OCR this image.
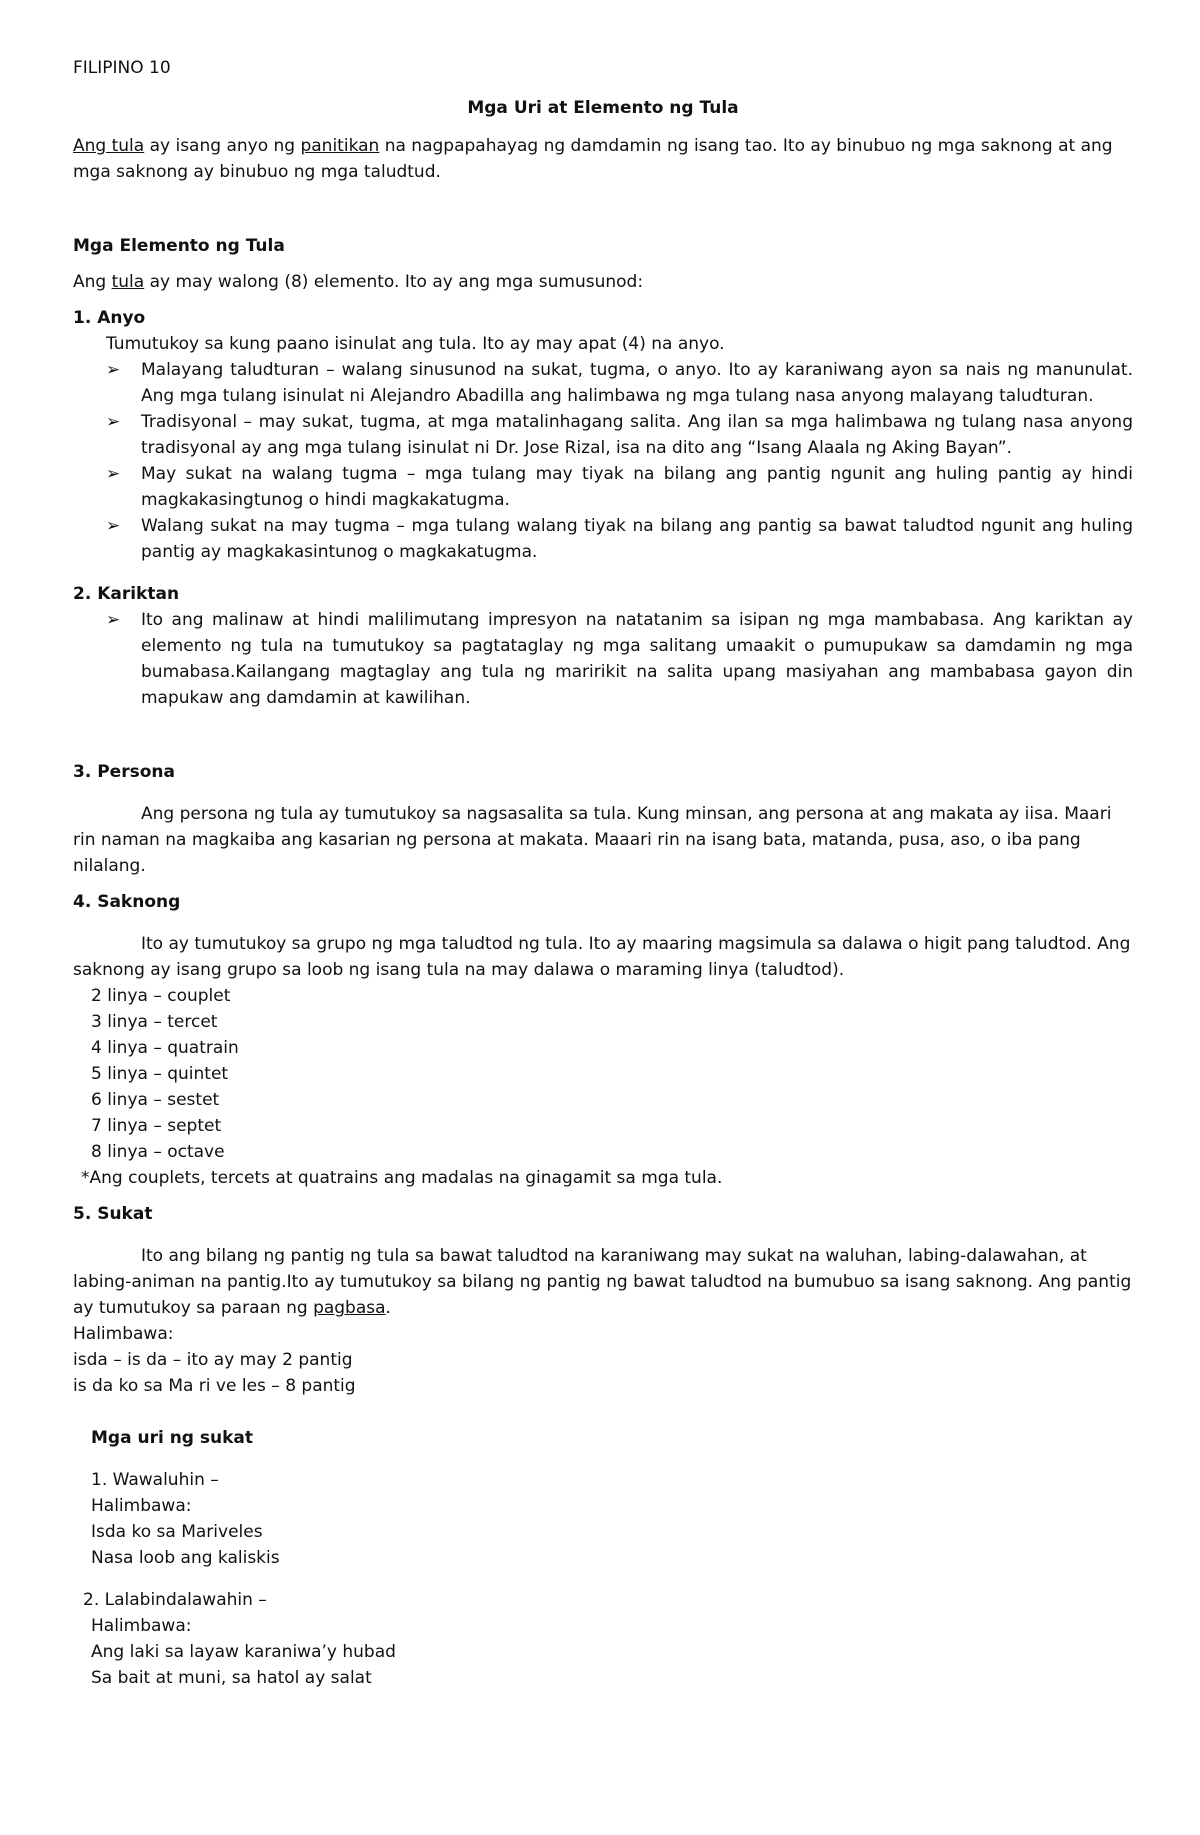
FILIPINO 10
Mga Uri at Elemento ng Tula

Ang tula ay isang anyo ng panitikan na nagpapahayag ng damdamin ng isang tao. Ito ay binubuo ng mga saknong at ang mga saknong ay binubuo ng mga taludtud.

Mga Elemento ng Tula

Ang tula ay may walong (8) elemento. Ito ay ang mga sumusunod:

1. Anyo

Tumutukoy sa kung paano isinulat ang tula. Ito ay may apat (4) na anyo.

➢ Malayang taludturan – walang sinusunod na sukat, tugma, o anyo. Ito ay karaniwang ayon sa nais ng manunulat. Ang mga tulang isinulat ni Alejandro Abadilla ang halimbawa ng mga tulang nasa anyong malayang taludturan.
➢ Tradisyonal – may sukat, tugma, at mga matalinhagang salita. Ang ilan sa mga halimbawa ng tulang nasa anyong tradisyonal ay ang mga tulang isinulat ni Dr. Jose Rizal, isa na dito ang “Isang Alaala ng Aking Bayan”.
➢ May sukat na walang tugma – mga tulang may tiyak na bilang ang pantig ngunit ang huling pantig ay hindi magkakasingtunog o hindi magkakatugma.
➢ Walang sukat na may tugma – mga tulang walang tiyak na bilang ang pantig sa bawat taludtod ngunit ang huling pantig ay magkakasintunog o magkakatugma.

2. Kariktan

➢ Ito ang malinaw at hindi malilimutang impresyon na natatanim sa isipan ng mga mambabasa. Ang kariktan ay elemento ng tula na tumutukoy sa pagtataglay ng mga salitang umaakit o pumupukaw sa damdamin ng mga bumabasa.Kailangang magtaglay ang tula ng maririkit na salita upang masiyahan ang mambabasa gayon din mapukaw ang damdamin at kawilihan.

3. Persona

Ang persona ng tula ay tumutukoy sa nagsasalita sa tula. Kung minsan, ang persona at ang makata ay iisa. Maari rin naman na magkaiba ang kasarian ng persona at makata. Maaari rin na isang bata, matanda, pusa, aso, o iba pang nilalang.

4. Saknong

Ito ay tumutukoy sa grupo ng mga taludtod ng tula. Ito ay maaring magsimula sa dalawa o higit pang taludtod. Ang saknong ay isang grupo sa loob ng isang tula na may dalawa o maraming linya (taludtod).

2 linya – couplet
3 linya – tercet
4 linya – quatrain
5 linya – quintet
6 linya – sestet
7 linya – septet
8 linya – octave

*Ang couplets, tercets at quatrains ang madalas na ginagamit sa mga tula.

5. Sukat

Ito ang bilang ng pantig ng tula sa bawat taludtod na karaniwang may sukat na waluhan, labing-dalawahan, at labing-animan na pantig.Ito ay tumutukoy sa bilang ng pantig ng bawat taludtod na bumubuo sa isang saknong. Ang pantig ay tumutukoy sa paraan ng pagbasa.

Halimbawa:
isda – is da – ito ay may 2 pantig
is da ko sa Ma ri ve les – 8 pantig

Mga uri ng sukat

1. Wawaluhin –
Halimbawa:
Isda ko sa Mariveles
Nasa loob ang kaliskis
2. Lalabindalawahin –
Halimbawa:
Ang laki sa layaw karaniwa’y hubad
Sa bait at muni, sa hatol ay salat
